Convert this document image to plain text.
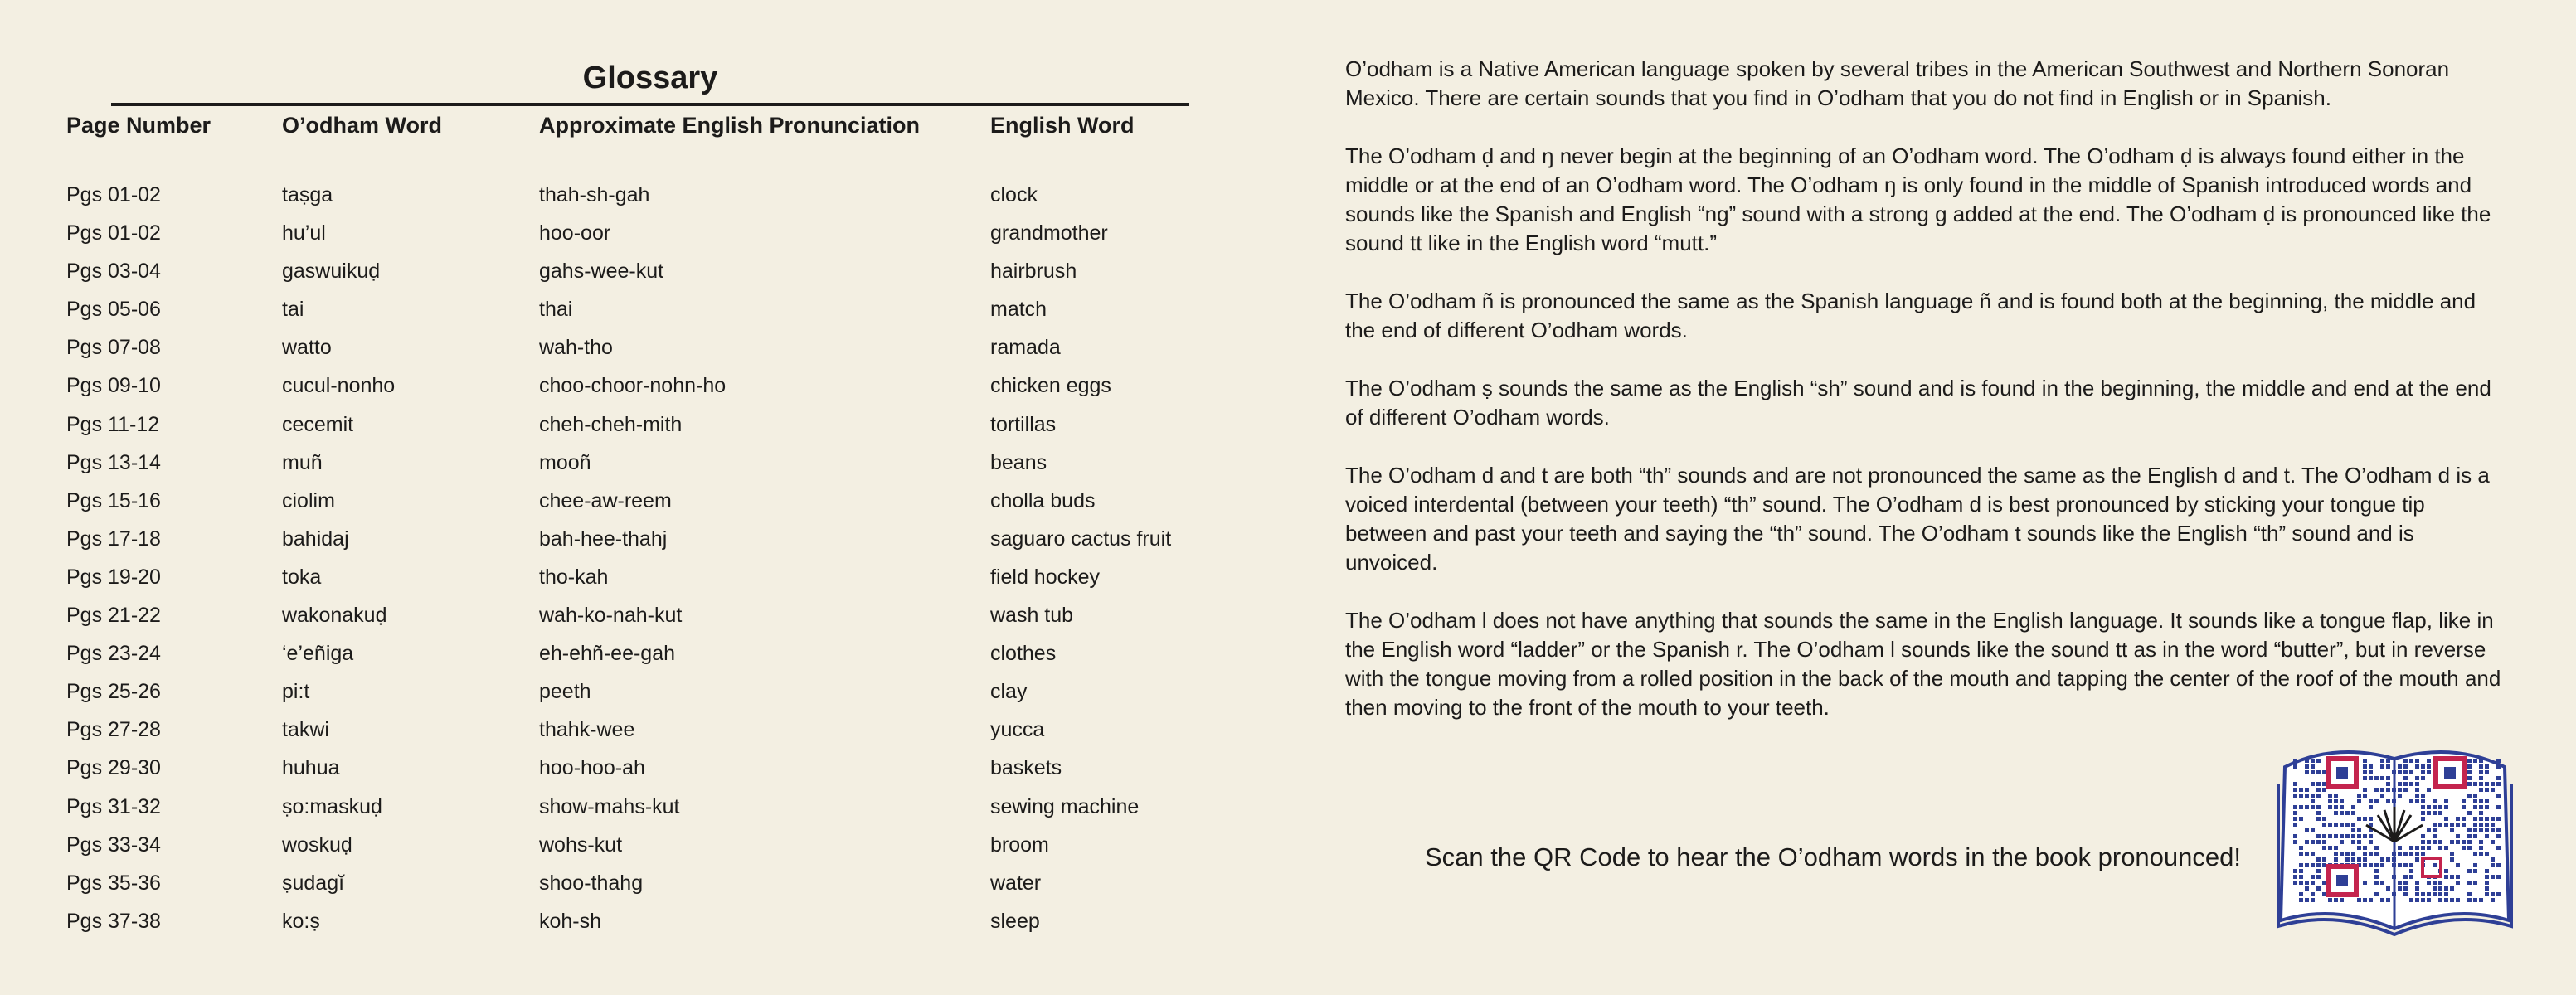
Glossary
Page Number	O’odham Word	Approximate English Pronunciation	English Word
Pgs 01-02	taṣga	thah-sh-gah	clock
Pgs 01-02	hu’ul	hoo-oor	grandmother
Pgs 03-04	gaswuikuḍ	gahs-wee-kut	hairbrush
Pgs 05-06	tai	thai	match
Pgs 07-08	watto	wah-tho	ramada
Pgs 09-10	cucul-nonho	choo-choor-nohn-ho	chicken eggs
Pgs 11-12	cecemit	cheh-cheh-mith	tortillas
Pgs 13-14	muñ	mooñ	beans
Pgs 15-16	ciolim	chee-aw-reem	cholla buds
Pgs 17-18	bahidaj	bah-hee-thahj	saguaro cactus fruit
Pgs 19-20	toka	tho-kah	field hockey
Pgs 21-22	wakonakuḍ	wah-ko-nah-kut	wash tub
Pgs 23-24	‘e’eñiga	eh-ehñ-ee-gah	clothes
Pgs 25-26	pi:t	peeth	clay
Pgs 27-28	takwi	thahk-wee	yucca
Pgs 29-30	huhua	hoo-hoo-ah	baskets
Pgs 31-32	ṣo:maskuḍ	show-mahs-kut	sewing machine
Pgs 33-34	woskuḍ	wohs-kut	broom
Pgs 35-36	ṣudagĭ	shoo-thahg	water
Pgs 37-38	ko:ṣ	koh-sh	sleep

O’odham is a Native American language spoken by several tribes in the American Southwest and Northern Sonoran Mexico. There are certain sounds that you find in O’odham that you do not find in English or in Spanish.

The O’odham ḍ and ŋ never begin at the beginning of an O’odham word. The O’odham ḍ is always found either in the middle or at the end of an O’odham word. The O’odham ŋ is only found in the middle of Spanish introduced words and sounds like the Spanish and English “ng” sound with a strong g added at the end. The O’odham ḍ is pronounced like the sound tt like in the English word “mutt.”

The O’odham ñ is pronounced the same as the Spanish language ñ and is found both at the beginning, the middle and the end of different O’odham words.

The O’odham ṣ sounds the same as the English “sh” sound and is found in the beginning, the middle and end at the end of different O’odham words.

The O’odham d and t are both “th” sounds and are not pronounced the same as the English d and t. The O’odham d is a voiced interdental (between your teeth) “th” sound. The O’odham d is best pronounced by sticking your tongue tip between and past your teeth and saying the “th” sound. The O’odham t sounds like the English “th” sound and is unvoiced.

The O’odham l does not have anything that sounds the same in the English language. It sounds like a tongue flap, like in the English word “ladder” or the Spanish r. The O’odham l sounds like the sound tt as in the word “butter”, but in reverse with the tongue moving from a rolled position in the back of the mouth and tapping the center of the roof of the mouth and then moving to the front of the mouth to your teeth.

Scan the QR Code to hear the O’odham words in the book pronounced!
